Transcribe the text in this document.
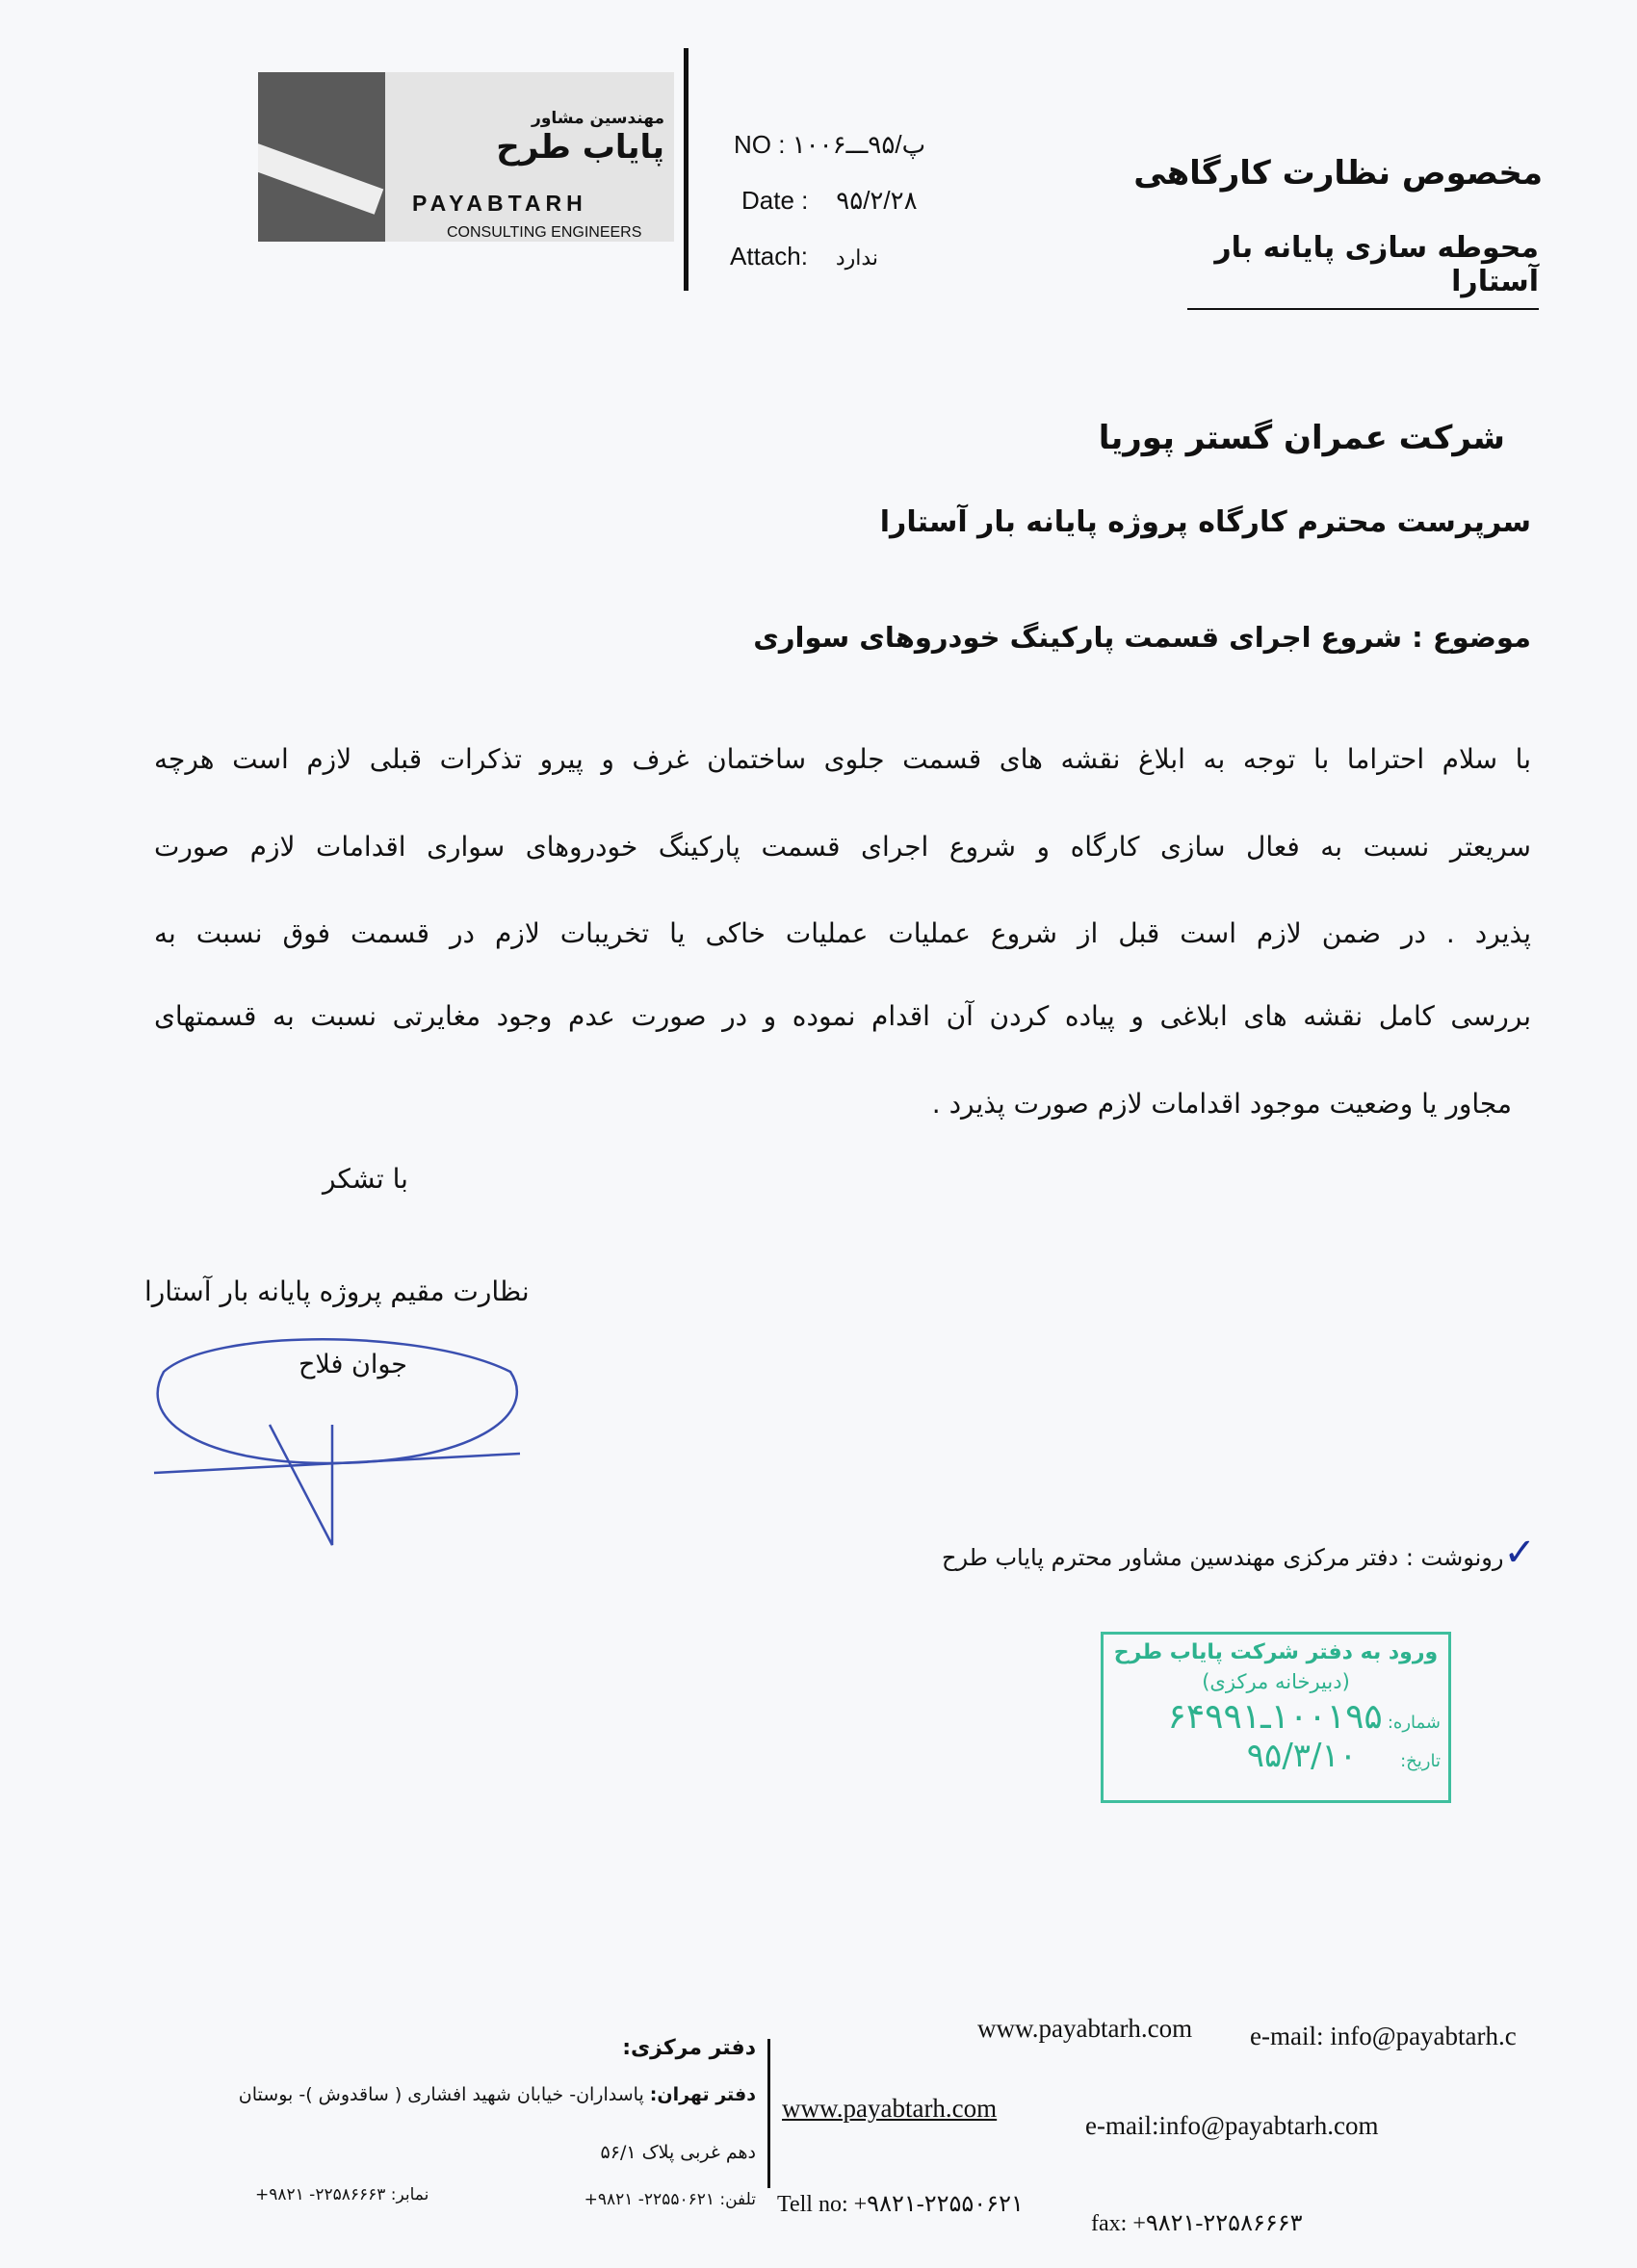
مهندسین مشاور
پایاب طرح
PAYABTARH
CONSULTING ENGINEERS
NO : پ/۹۵ـــ۱۰۰۶
Date : ۹۵/۲/۲۸
Attach: ندارد
مخصوص نظارت کارگاهی
محوطه سازی پایانه بار آستارا
شرکت عمران گستر پوریا
سرپرست محترم کارگاه پروژه پایانه بار آستارا
موضوع : شروع اجرای قسمت پارکینگ خودروهای سواری
با سلام احتراما با توجه به ابلاغ نقشه های قسمت جلوی ساختمان غرف و پیرو تذکرات قبلی لازم است هرچه
سریعتر نسبت به فعال سازی کارگاه و شروع اجرای قسمت پارکینگ خودروهای سواری اقدامات لازم صورت
پذیرد . در ضمن لازم است قبل از شروع عملیات عملیات خاکی یا تخریبات لازم در قسمت فوق نسبت به
بررسی کامل نقشه های ابلاغی و پیاده کردن آن اقدام نموده و در صورت عدم وجود مغایرتی نسبت به قسمتهای
مجاور یا وضعیت موجود اقدامات لازم صورت پذیرد .
با تشکر
نظارت مقیم پروژه پایانه بار آستارا
جوان فلاح
✓رونوشت : دفتر مرکزی مهندسین مشاور محترم پایاب طرح
ورود به دفتر شرکت پایاب طرح
(دبیرخانه مرکزی)
شماره: ۱۰۰۱۹۵ـ۶۴۹۹۱
تاریخ: ۹۵/۳/۱۰
www.payabtarh.com e-mail: info@payabtarh.c
دفتر مرکزی:
دفتر تهران: پاسداران- خیابان شهید افشاری ( ساقدوش )- بوستان
دهم غربی پلاک ۵۶/۱
تلفن: ۲۲۵۵۰۶۲۱- ۹۸۲۱+
نمابر: ۲۲۵۸۶۶۶۳- ۹۸۲۱+
www.payabtarh.com
e-mail:info@payabtarh.com
Tell no: +۹۸۲۱-۲۲۵۵۰۶۲۱
fax: +۹۸۲۱-۲۲۵۸۶۶۶۳
